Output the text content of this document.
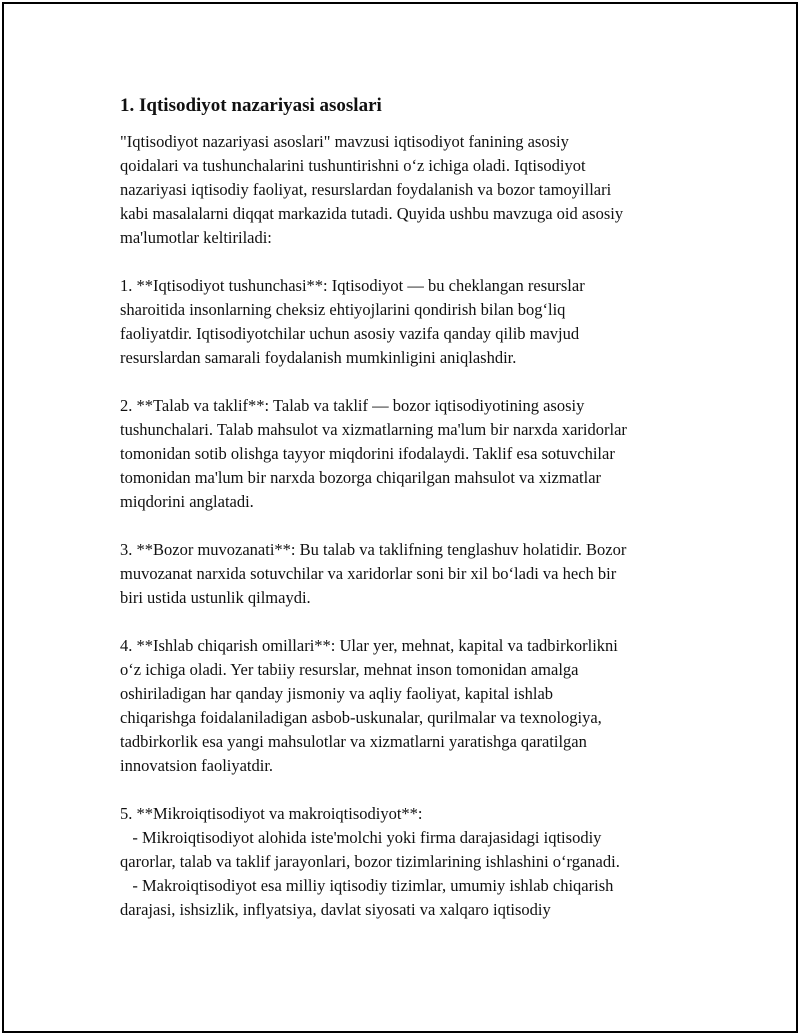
1. Iqtisodiyot nazariyasi asoslari
"Iqtisodiyot nazariyasi asoslari" mavzusi iqtisodiyot fanining asosiy
qoidalari va tushunchalarini tushuntirishni o‘z ichiga oladi. Iqtisodiyot
nazariyasi iqtisodiy faoliyat, resurslardan foydalanish va bozor tamoyillari
kabi masalalarni diqqat markazida tutadi. Quyida ushbu mavzuga oid asosiy
ma'lumotlar keltiriladi:
1. **Iqtisodiyot tushunchasi**: Iqtisodiyot — bu cheklangan resurslar
sharoitida insonlarning cheksiz ehtiyojlarini qondirish bilan bog‘liq
faoliyatdir. Iqtisodiyotchilar uchun asosiy vazifa qanday qilib mavjud
resurslardan samarali foydalanish mumkinligini aniqlashdir.
2. **Talab va taklif**: Talab va taklif — bozor iqtisodiyotining asosiy
tushunchalari. Talab mahsulot va xizmatlarning ma'lum bir narxda xaridorlar
tomonidan sotib olishga tayyor miqdorini ifodalaydi. Taklif esa sotuvchilar
tomonidan ma'lum bir narxda bozorga chiqarilgan mahsulot va xizmatlar
miqdorini anglatadi.
3. **Bozor muvozanati**: Bu talab va taklifning tenglashuv holatidir. Bozor
muvozanat narxida sotuvchilar va xaridorlar soni bir xil bo‘ladi va hech bir
biri ustida ustunlik qilmaydi.
4. **Ishlab chiqarish omillari**: Ular yer, mehnat, kapital va tadbirkorlikni
o‘z ichiga oladi. Yer tabiiy resurslar, mehnat inson tomonidan amalga
oshiriladigan har qanday jismoniy va aqliy faoliyat, kapital ishlab
chiqarishga foidalaniladigan asbob-uskunalar, qurilmalar va texnologiya,
tadbirkorlik esa yangi mahsulotlar va xizmatlarni yaratishga qaratilgan
innovatsion faoliyatdir.
5. **Mikroiqtisodiyot va makroiqtisodiyot**:
- Mikroiqtisodiyot alohida iste'molchi yoki firma darajasidagi iqtisodiy
qarorlar, talab va taklif jarayonlari, bozor tizimlarining ishlashini o‘rganadi.
- Makroiqtisodiyot esa milliy iqtisodiy tizimlar, umumiy ishlab chiqarish
darajasi, ishsizlik, inflyatsiya, davlat siyosati va xalqaro iqtisodiy
